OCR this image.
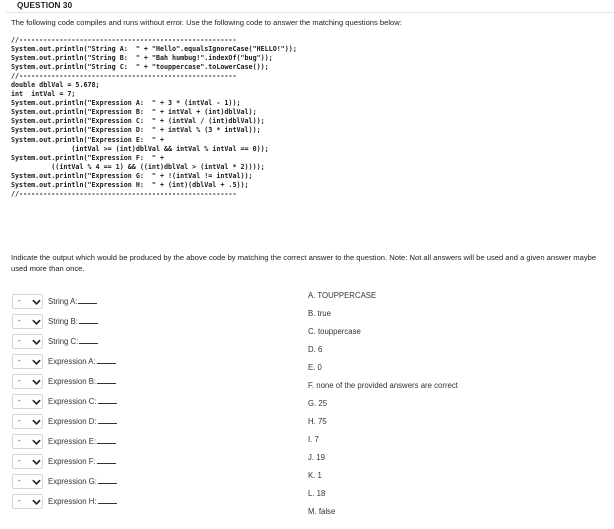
QUESTION 30
The following code compiles and runs without error. Use the following code to answer the matching questions below:
//------------------------------------------------------
System.out.println("String A:  " + "Hello".equalsIgnoreCase("HELLO!"));
System.out.println("String B:  " + "Bah humbug!".indexOf("bug"));
System.out.println("String C:  " + "touppercase".toLowerCase());
//------------------------------------------------------
double dblVal = 5.678;
int  intVal = 7;
System.out.println("Expression A:  " + 3 * (intVal - 1));
System.out.println("Expression B:  " + intVal + (int)dblVal);
System.out.println("Expression C:  " + (intVal / (int)dblVal));
System.out.println("Expression D:  " + intVal % (3 * intVal));
System.out.println("Expression E:  " +
(intVal >= (int)dblVal && intVal % intVal == 0));
System.out.println("Expression F:  " +
((intVal % 4 == 1) && ((int)dblVal > (intVal * 2))));
System.out.println("Expression G:  " + !(intVal != intVal));
System.out.println("Expression H:  " + (int)(dblVal + .5));
//------------------------------------------------------
Indicate the output which would be produced by the above code by matching the correct answer to the question. Note: Not all answers will be used and a given answer maybe used more than once.
-	String A:
-	String B:
-	String C:
-	Expression A:
-	Expression B:
-	Expression C:
-	Expression D:
-	Expression E:
-	Expression F:
-	Expression G:
-	Expression H:
A. TOUPPERCASE
B. true
C. touppercase
D. 6
E. 0
F. none of the provided answers are correct
G. 25
H. 75
I. 7
J. 19
K. 1
L. 18
M. false
